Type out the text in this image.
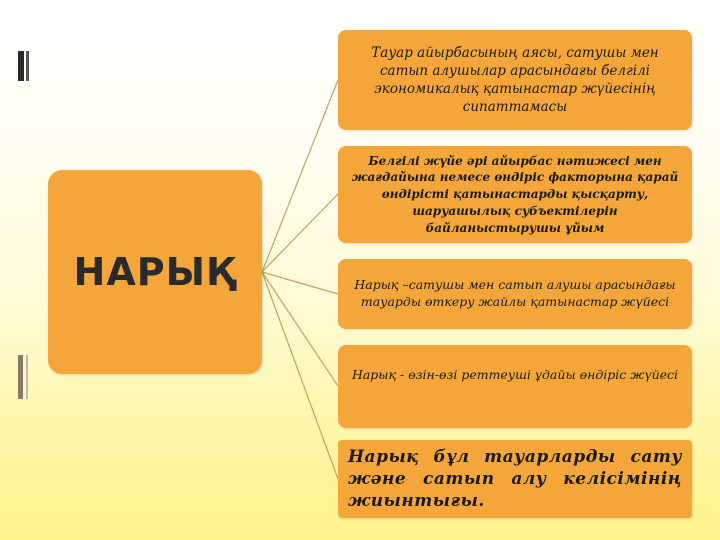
НАРЫҚ
Тауар айырбасының аясы, сатушы мен сатып алушылар арасындағы белгілі экономикалық қатынастар жүйесінің сипаттамасы
Белгілі жүйе әрі айырбас нәтижесі мен жағдайына немесе өндіріс факторына қарай өндірісті қатынастарды қысқарту, шаруашылық субъектілерін байланыстырушы ұйым
Нарық –сатушы мен сатып алушы арасындағы тауарды өткеру жайлы қатынастар жүйесі
Нарық - өзін-өзі реттеуші ұдайы өндіріс жүйесі
Нарық бұл тауарларды сату және сатып алу келісімінің жиынтығы.
